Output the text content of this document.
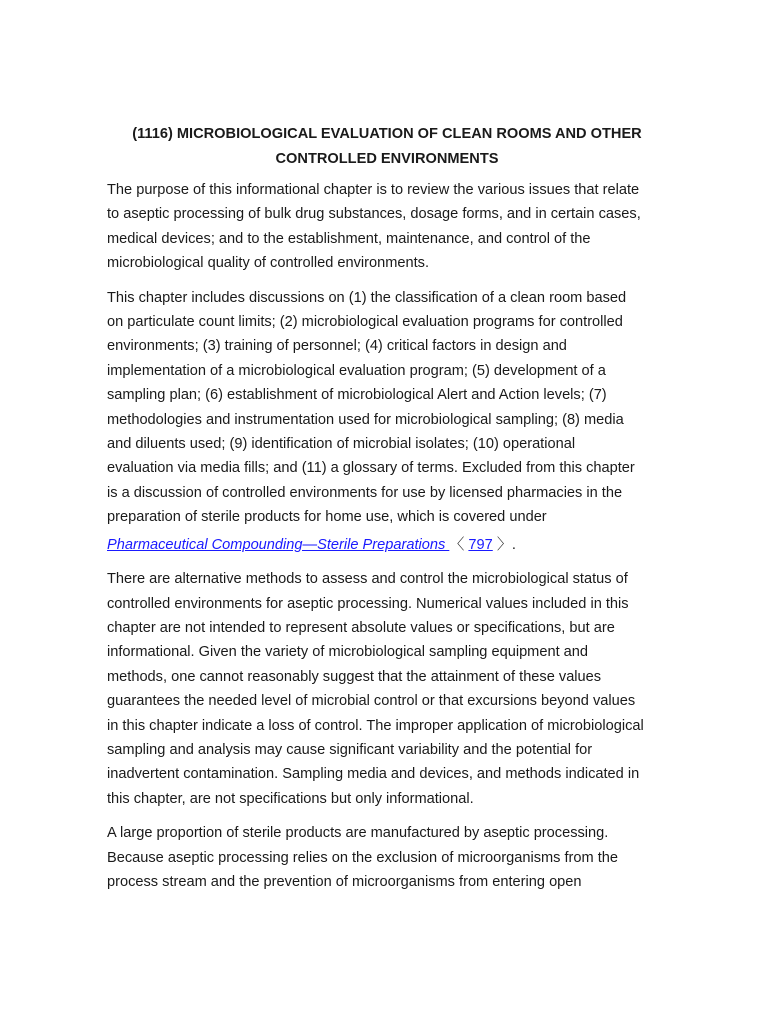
(1116) MICROBIOLOGICAL EVALUATION OF CLEAN ROOMS AND OTHER
CONTROLLED ENVIRONMENTS
The purpose of this informational chapter is to review the various issues that relate
to aseptic processing of bulk drug substances, dosage forms, and in certain cases,
medical devices; and to the establishment, maintenance, and control of the
microbiological quality of controlled environments.
This chapter includes discussions on (1) the classification of a clean room based
on particulate count limits; (2) microbiological evaluation programs for controlled
environments; (3) training of personnel; (4) critical factors in design and
implementation of a microbiological evaluation program; (5) development of a
sampling plan; (6) establishment of microbiological Alert and Action levels; (7)
methodologies and instrumentation used for microbiological sampling; (8) media
and diluents used; (9) identification of microbial isolates; (10) operational
evaluation via media fills; and (11) a glossary of terms. Excluded from this chapter
is a discussion of controlled environments for use by licensed pharmacies in the
preparation of sterile products for home use, which is covered under
Pharmaceutical Compounding—Sterile Preparations 〈 797 〉.
There are alternative methods to assess and control the microbiological status of
controlled environments for aseptic processing. Numerical values included in this
chapter are not intended to represent absolute values or specifications, but are
informational. Given the variety of microbiological sampling equipment and
methods, one cannot reasonably suggest that the attainment of these values
guarantees the needed level of microbial control or that excursions beyond values
in this chapter indicate a loss of control. The improper application of microbiological
sampling and analysis may cause significant variability and the potential for
inadvertent contamination. Sampling media and devices, and methods indicated in
this chapter, are not specifications but only informational.
A large proportion of sterile products are manufactured by aseptic processing.
Because aseptic processing relies on the exclusion of microorganisms from the
process stream and the prevention of microorganisms from entering open
